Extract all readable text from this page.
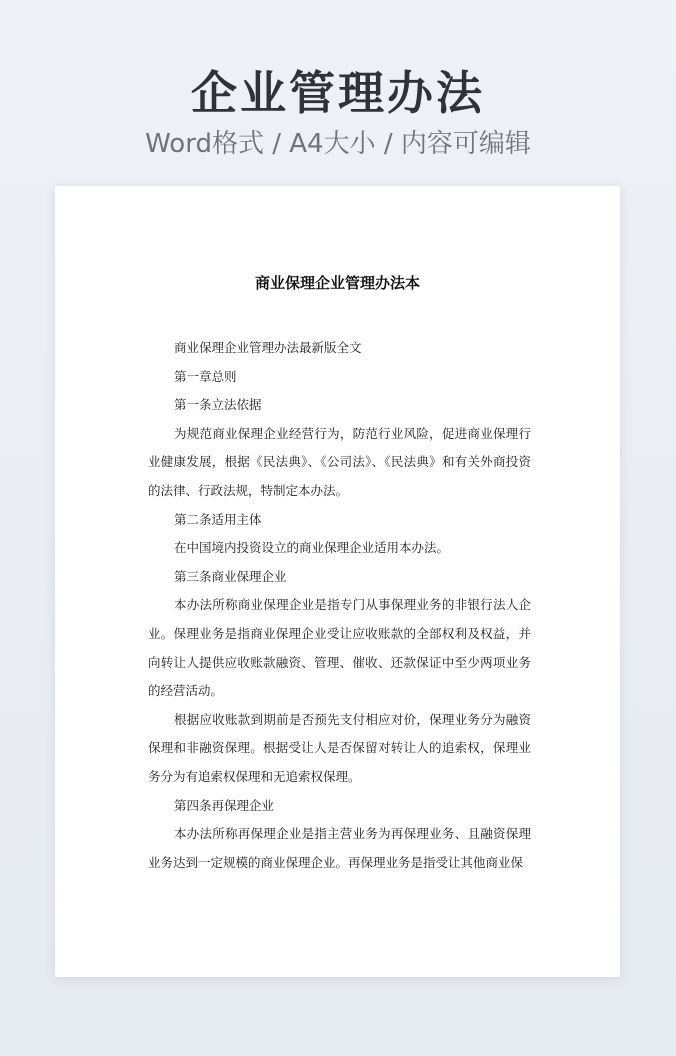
企业管理办法
Word格式 / A4大小 / 内容可编辑
商业保理企业管理办法本

商业保理企业管理办法最新版全文

第一章总则

第一条立法依据

为规范商业保理企业经营行为，防范行业风险，促进商业保理行业健康发展，根据《民法典》、《公司法》、《民法典》和有关外商投资的法律、行政法规，特制定本办法。

第二条适用主体

在中国境内投资设立的商业保理企业适用本办法。

第三条商业保理企业

本办法所称商业保理企业是指专门从事保理业务的非银行法人企业。保理业务是指商业保理企业受让应收账款的全部权利及权益，并向转让人提供应收账款融资、管理、催收、还款保证中至少两项业务的经营活动。

根据应收账款到期前是否预先支付相应对价，保理业务分为融资保理和非融资保理。根据受让人是否保留对转让人的追索权，保理业务分为有追索权保理和无追索权保理。

第四条再保理企业

本办法所称再保理企业是指主营业务为再保理业务、且融资保理业务达到一定规模的商业保理企业。再保理业务是指受让其他商业保
